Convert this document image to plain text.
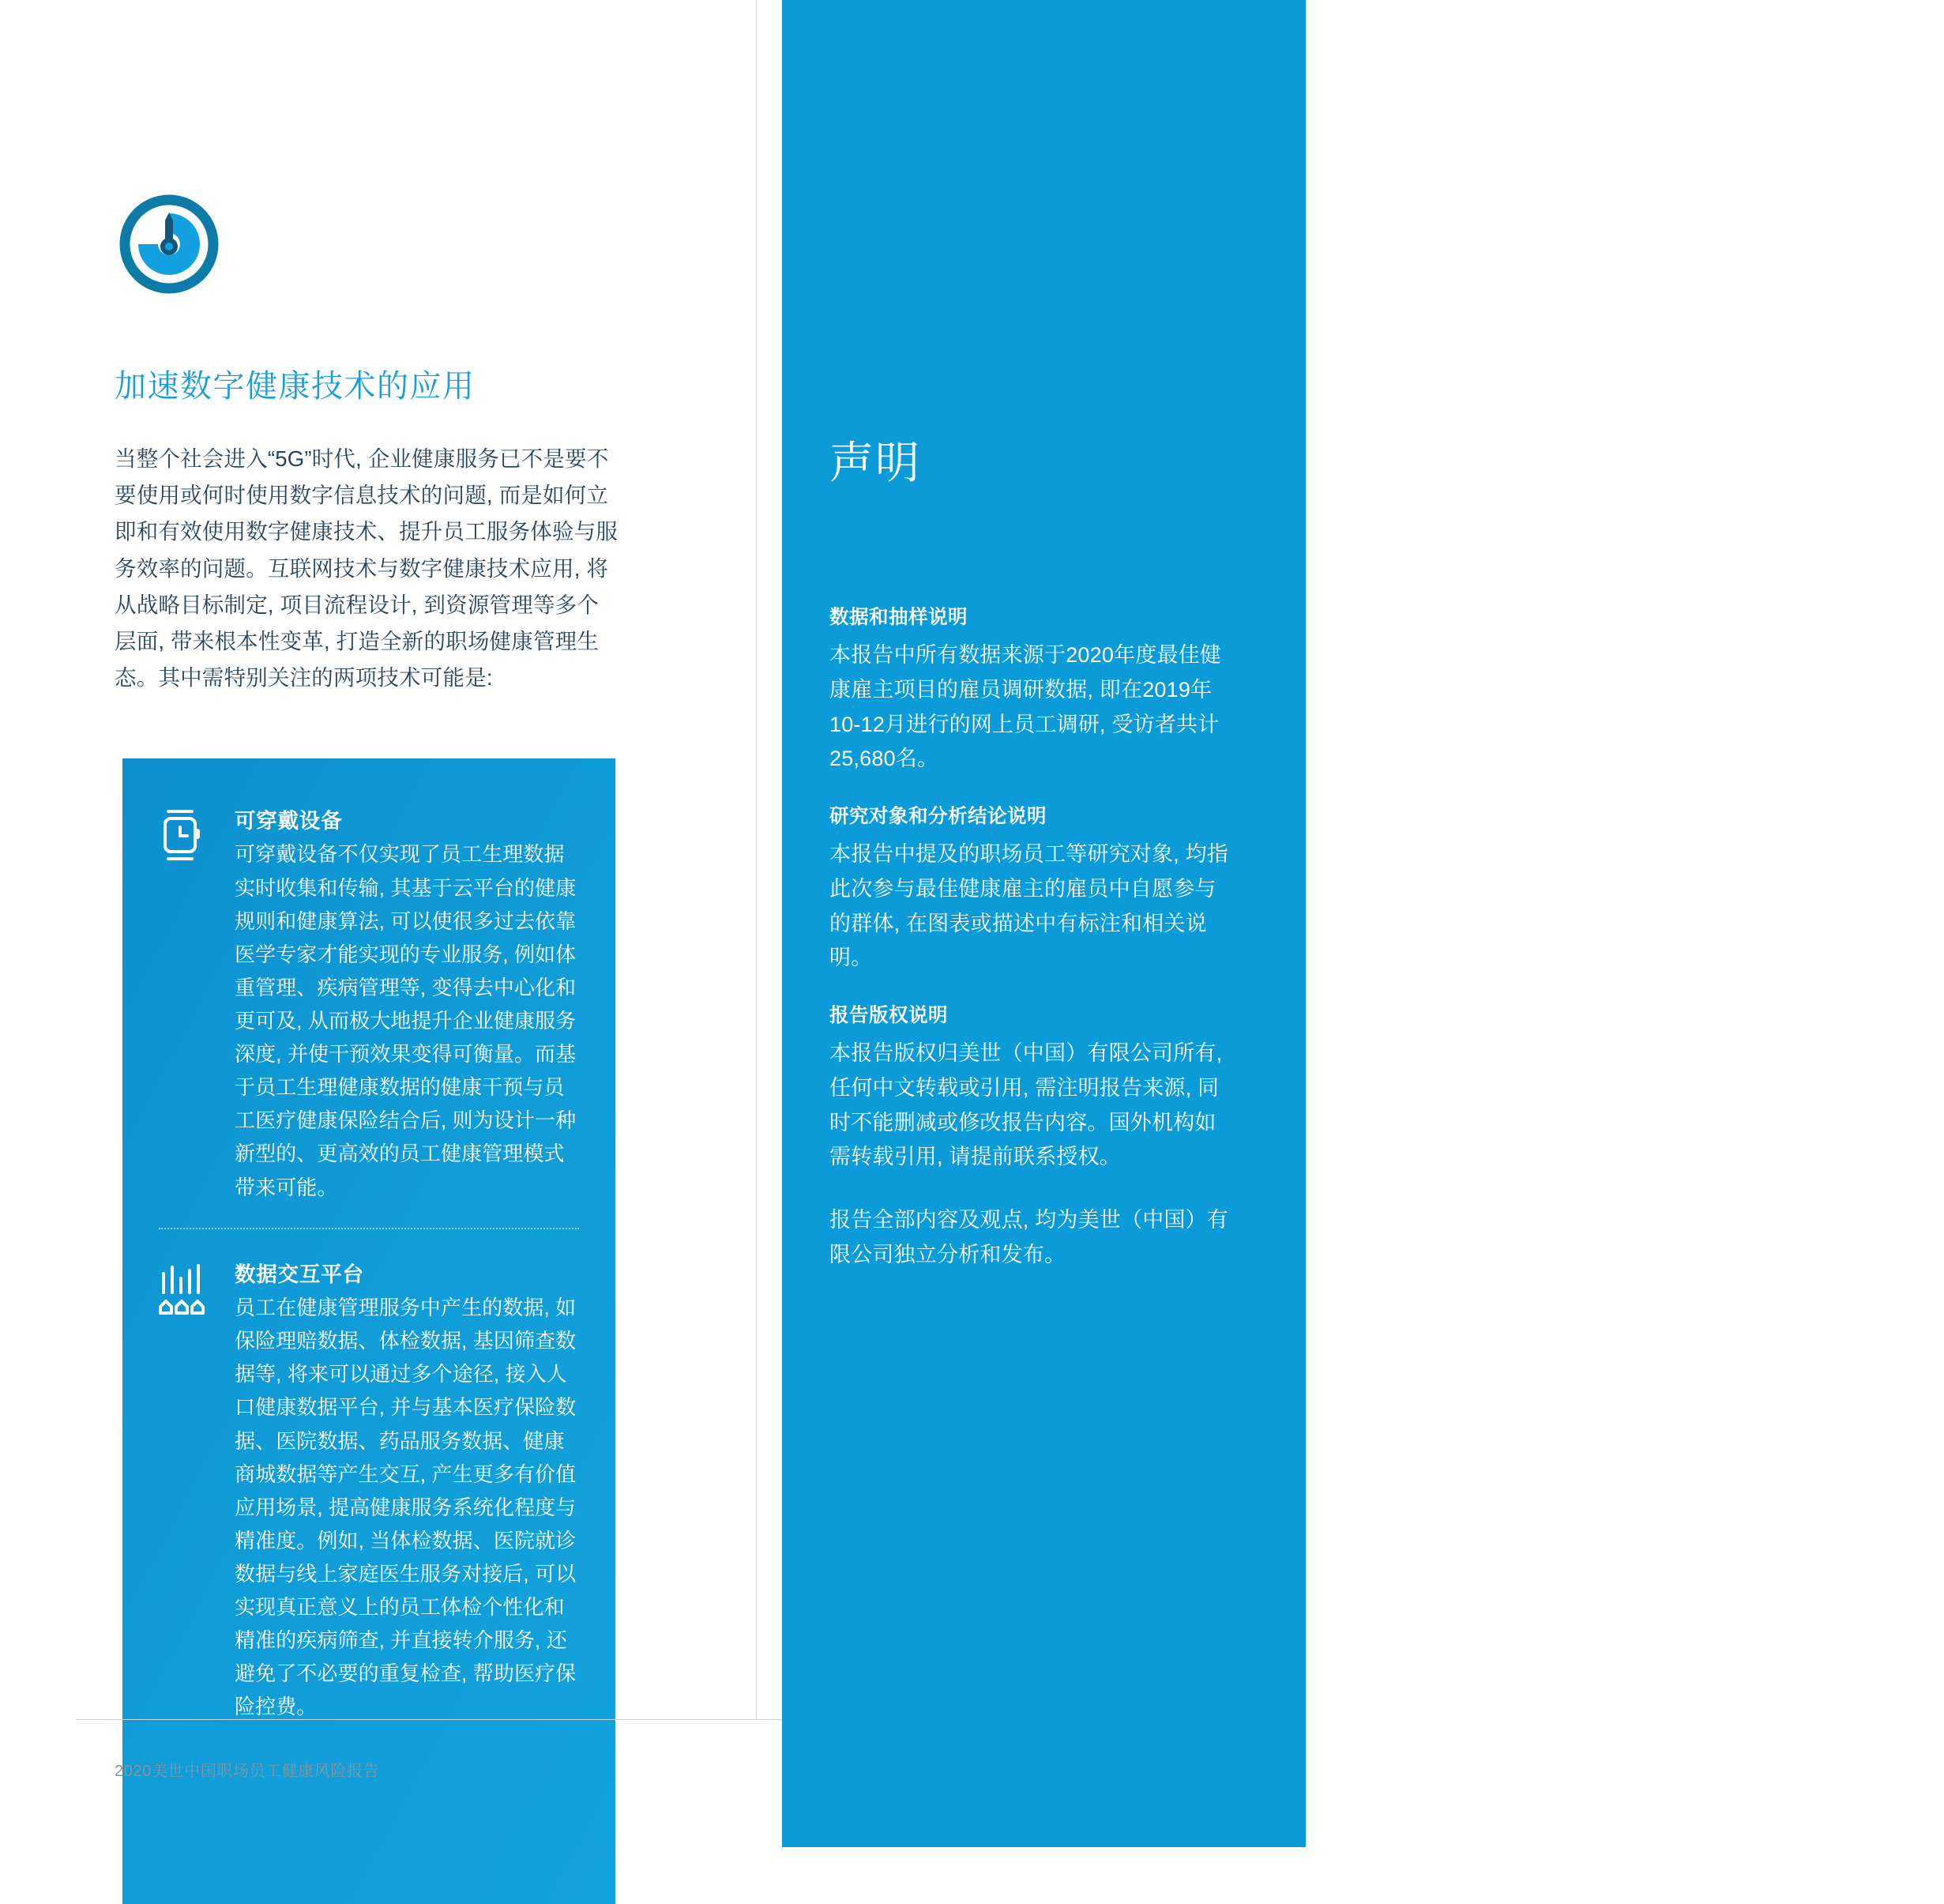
声明

数据和抽样说明

本报告中所有数据来源于2020年度最佳健康雇主项目的雇员调研数据, 即在2019年10-12月进行的网上员工调研, 受访者共计25,680名。

研究对象和分析结论说明

本报告中提及的职场员工等研究对象, 均指此次参与最佳健康雇主的雇员中自愿参与的群体, 在图表或描述中有标注和相关说明。

报告版权说明

本报告版权归美世（中国）有限公司所有, 任何中文转载或引用, 需注明报告来源, 同时不能删减或修改报告内容。国外机构如需转载引用, 请提前联系授权。

报告全部内容及观点, 均为美世（中国）有限公司独立分析和发布。

49
加速数字健康技术的应用

当整个社会进入“5G”时代, 企业健康服务已不是要不要使用或何时使用数字信息技术的问题, 而是如何立即和有效使用数字健康技术、提升员工服务体验与服务效率的问题。互联网技术与数字健康技术应用, 将从战略目标制定, 项目流程设计, 到资源管理等多个层面, 带来根本性变革, 打造全新的职场健康管理生态。其中需特别关注的两项技术可能是:

可穿戴设备

可穿戴设备不仅实现了员工生理数据实时收集和传输, 其基于云平台的健康规则和健康算法, 可以使很多过去依靠医学专家才能实现的专业服务, 例如体重管理、疾病管理等, 变得去中心化和更可及, 从而极大地提升企业健康服务深度, 并使干预效果变得可衡量。而基于员工生理健康数据的健康干预与员工医疗健康保险结合后, 则为设计一种新型的、更高效的员工健康管理模式带来可能。

数据交互平台

员工在健康管理服务中产生的数据, 如保险理赔数据、体检数据, 基因筛查数据等, 将来可以通过多个途径, 接入人口健康数据平台, 并与基本医疗保险数据、医院数据、药品服务数据、健康商城数据等产生交互, 产生更多有价值应用场景, 提高健康服务系统化程度与精准度。例如, 当体检数据、医院就诊数据与线上家庭医生服务对接后, 可以实现真正意义上的员工体检个性化和精准的疾病筛查, 并直接转介服务, 还避免了不必要的重复检查, 帮助医疗保险控费。

2020美世中国职场员工健康风险报告
